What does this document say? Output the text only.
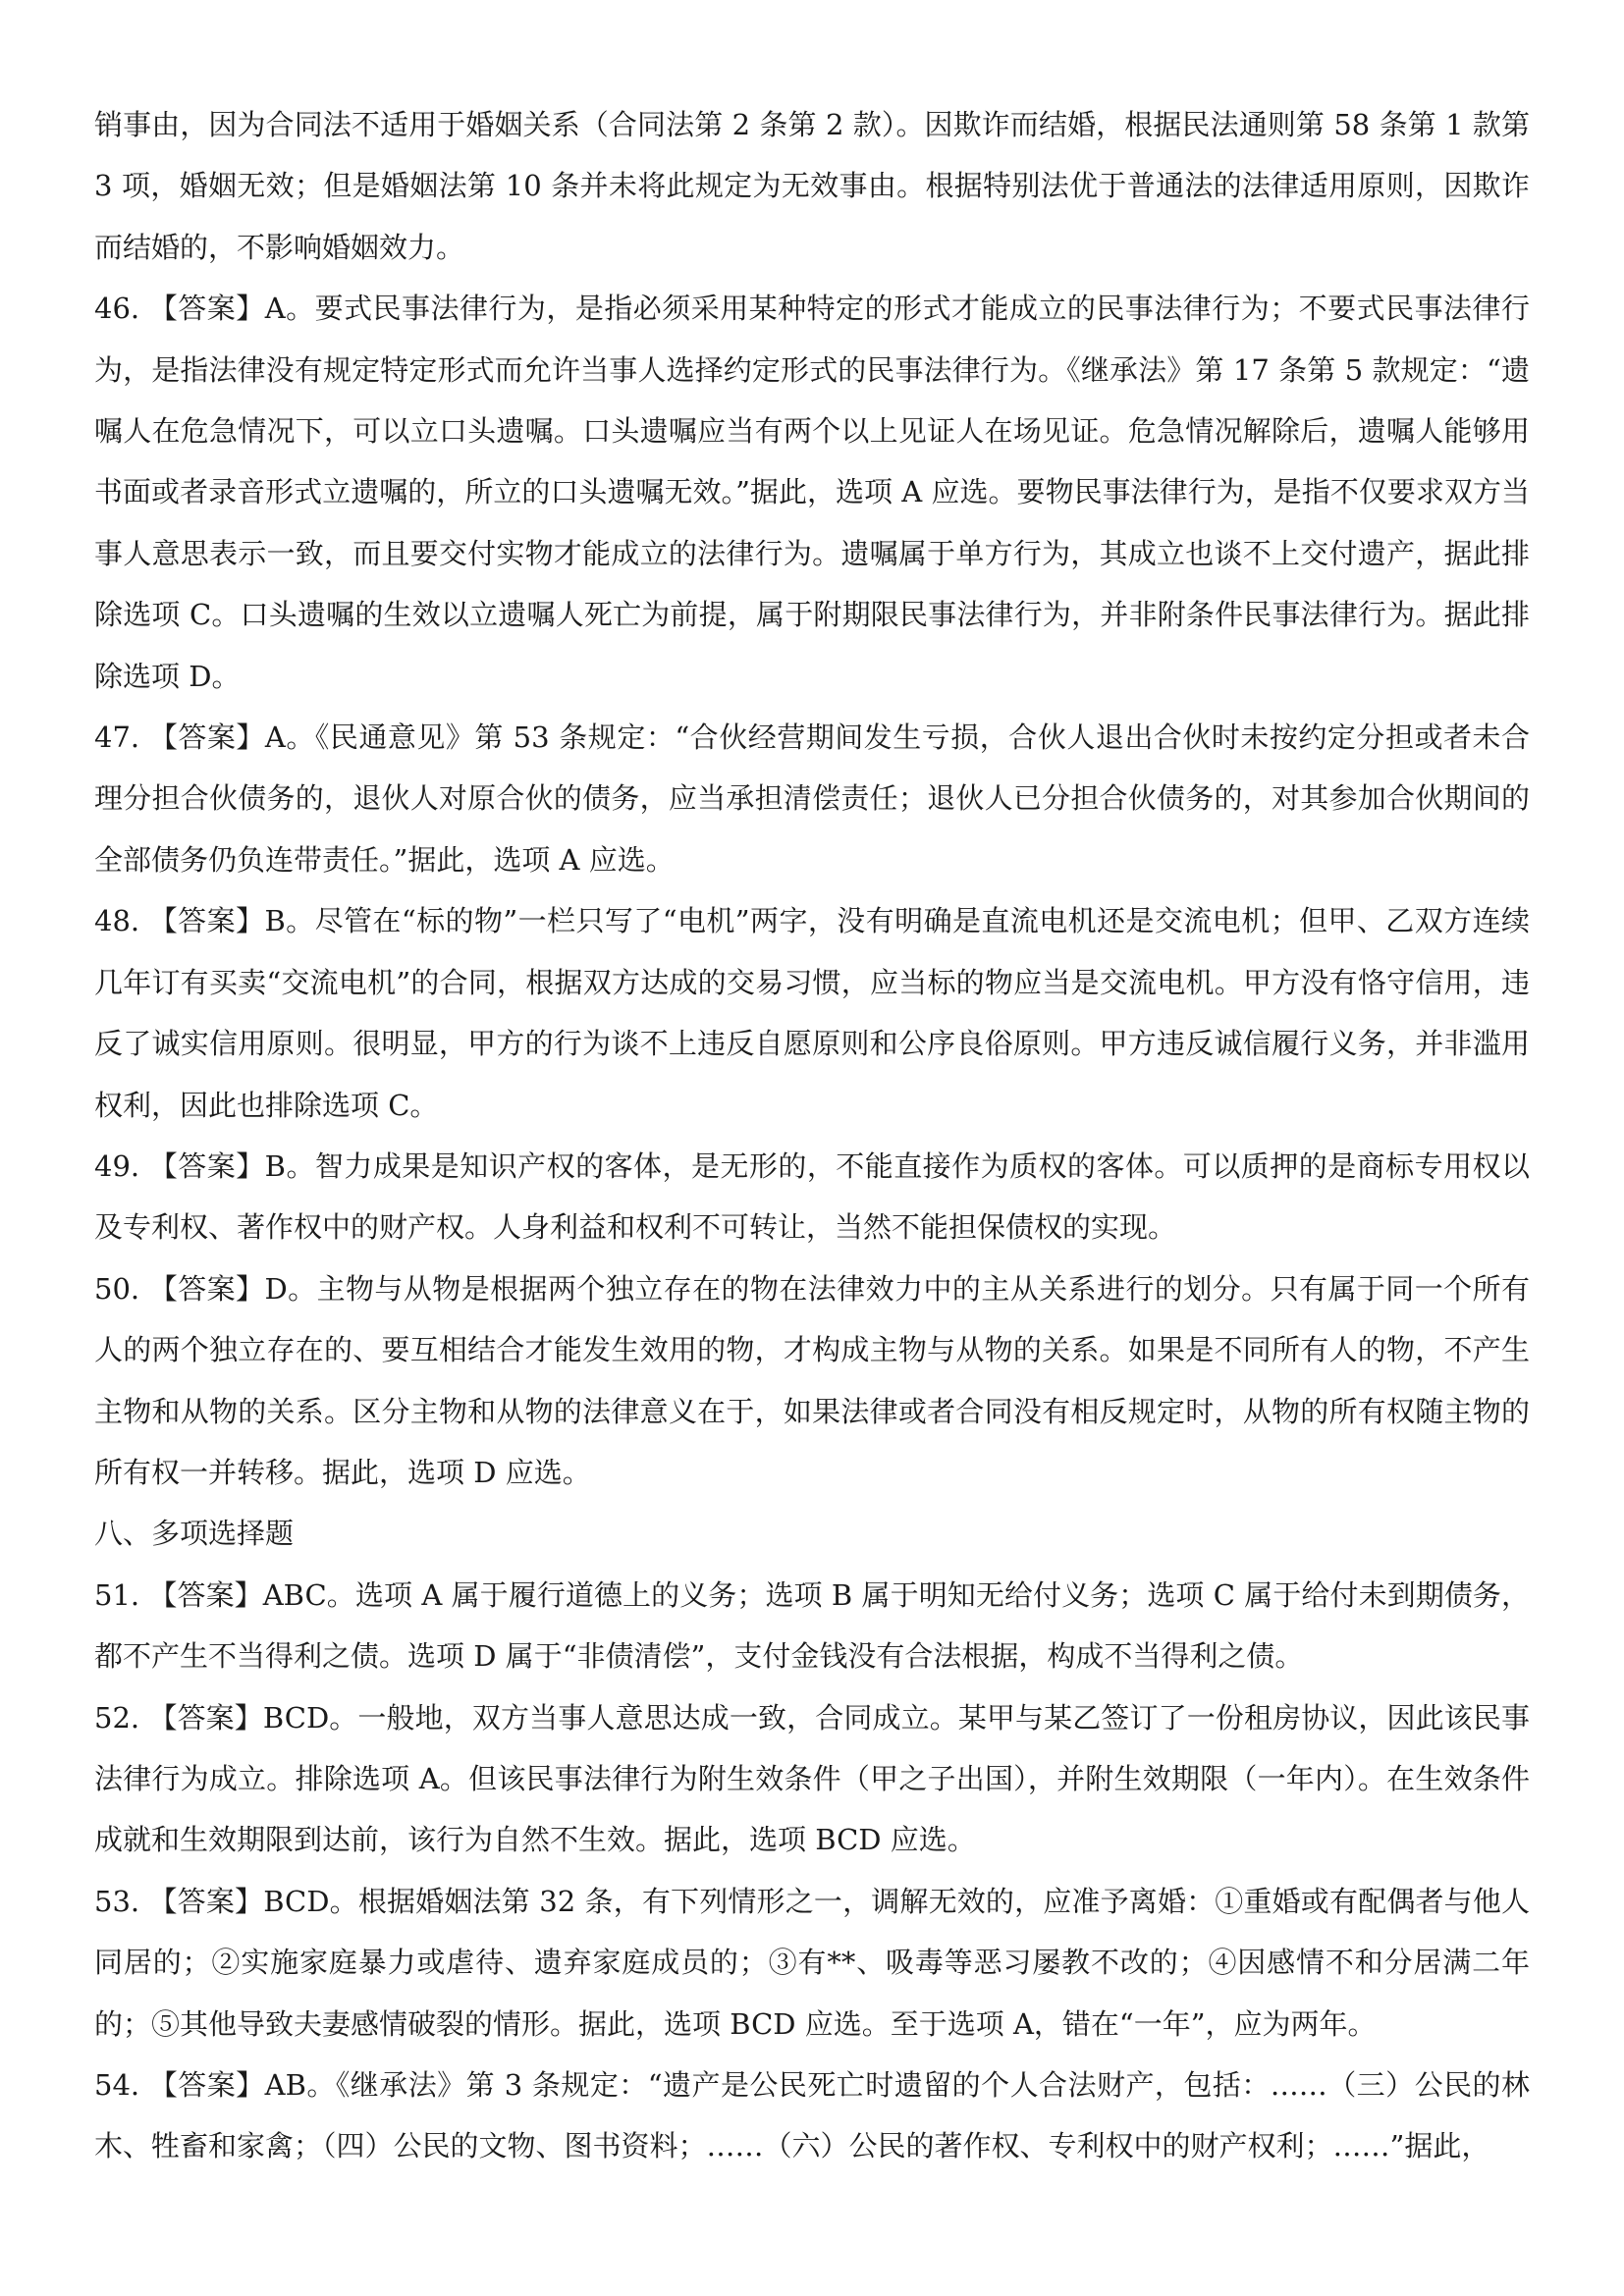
销事由，因为合同法不适用于婚姻关系（合同法第 2 条第 2 款）。因欺诈而结婚，根据民法通则第 58 条第 1 款第 3 项，婚姻无效；但是婚姻法第 10 条并未将此规定为无效事由。根据特别法优于普通法的法律适用原则，因欺诈而结婚的，不影响婚姻效力。

46. 【答案】A。要式民事法律行为，是指必须采用某种特定的形式才能成立的民事法律行为；不要式民事法律行为，是指法律没有规定特定形式而允许当事人选择约定形式的民事法律行为。《继承法》第 17 条第 5 款规定：“遗嘱人在危急情况下，可以立口头遗嘱。口头遗嘱应当有两个以上见证人在场见证。危急情况解除后，遗嘱人能够用书面或者录音形式立遗嘱的，所立的口头遗嘱无效。”据此，选项 A 应选。要物民事法律行为，是指不仅要求双方当事人意思表示一致，而且要交付实物才能成立的法律行为。遗嘱属于单方行为，其成立也谈不上交付遗产，据此排除选项 C。口头遗嘱的生效以立遗嘱人死亡为前提，属于附期限民事法律行为，并非附条件民事法律行为。据此排除选项 D。

47. 【答案】A。《民通意见》第 53 条规定：“合伙经营期间发生亏损，合伙人退出合伙时未按约定分担或者未合理分担合伙债务的，退伙人对原合伙的债务，应当承担清偿责任；退伙人已分担合伙债务的，对其参加合伙期间的全部债务仍负连带责任。”据此，选项 A 应选。

48. 【答案】B。尽管在“标的物”一栏只写了“电机”两字，没有明确是直流电机还是交流电机；但甲、乙双方连续几年订有买卖“交流电机”的合同，根据双方达成的交易习惯，应当标的物应当是交流电机。甲方没有恪守信用，违反了诚实信用原则。很明显，甲方的行为谈不上违反自愿原则和公序良俗原则。甲方违反诚信履行义务，并非滥用权利，因此也排除选项 C。

49. 【答案】B。智力成果是知识产权的客体，是无形的，不能直接作为质权的客体。可以质押的是商标专用权以及专利权、著作权中的财产权。人身利益和权利不可转让，当然不能担保债权的实现。

50. 【答案】D。主物与从物是根据两个独立存在的物在法律效力中的主从关系进行的划分。只有属于同一个所有人的两个独立存在的、要互相结合才能发生效用的物，才构成主物与从物的关系。如果是不同所有人的物，不产生主物和从物的关系。区分主物和从物的法律意义在于，如果法律或者合同没有相反规定时，从物的所有权随主物的所有权一并转移。据此，选项 D 应选。

八、多项选择题

51. 【答案】ABC。选项 A 属于履行道德上的义务；选项 B 属于明知无给付义务；选项 C 属于给付未到期债务，都不产生不当得利之债。选项 D 属于“非债清偿”，支付金钱没有合法根据，构成不当得利之债。

52. 【答案】BCD。一般地，双方当事人意思达成一致，合同成立。某甲与某乙签订了一份租房协议，因此该民事法律行为成立。排除选项 A。但该民事法律行为附生效条件（甲之子出国），并附生效期限（一年内）。在生效条件成就和生效期限到达前，该行为自然不生效。据此，选项 BCD 应选。

53. 【答案】BCD。根据婚姻法第 32 条，有下列情形之一，调解无效的，应准予离婚：①重婚或有配偶者与他人同居的；②实施家庭暴力或虐待、遗弃家庭成员的；③有**、吸毒等恶习屡教不改的；④因感情不和分居满二年的；⑤其他导致夫妻感情破裂的情形。据此，选项 BCD 应选。至于选项 A，错在“一年”，应为两年。

54. 【答案】AB。《继承法》第 3 条规定：“遗产是公民死亡时遗留的个人合法财产，包括：……（三）公民的林木、牲畜和家禽；（四）公民的文物、图书资料；……（六）公民的著作权、专利权中的财产权利；……”据此，
